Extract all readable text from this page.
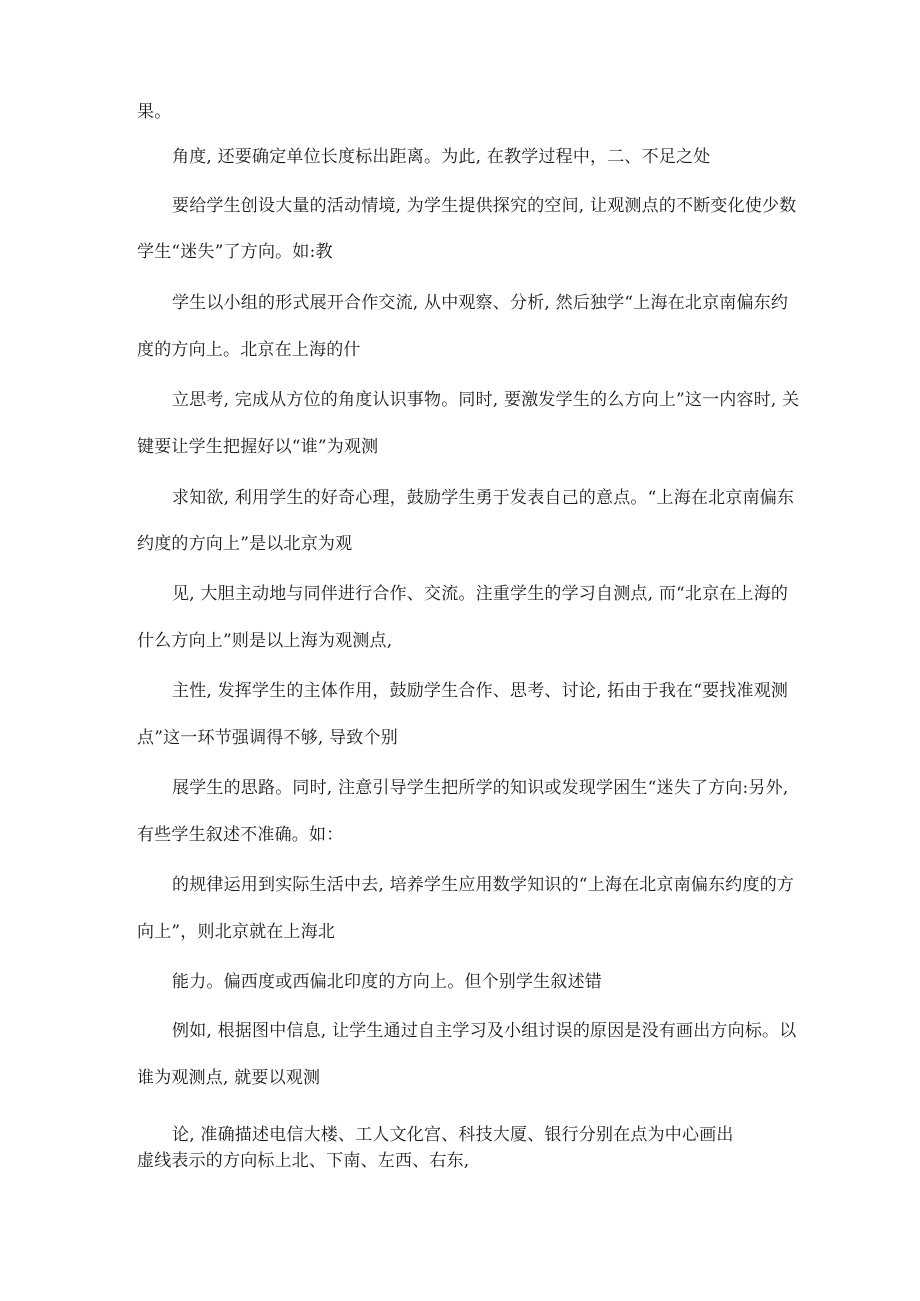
果。
角度, 还要确定单位长度标出距离。为此, 在教学过程中，二、不足之处
要给学生创设大量的活动情境, 为学生提供探究的空间, 让观测点的不断变化使少数
学生“迷失”了方向。如:教
学生以小组的形式展开合作交流, 从中观察、分析, 然后独学“上海在北京南偏东约
度的方向上。北京在上海的什
立思考, 完成从方位的角度认识事物。同时, 要激发学生的么方向上”这一内容时, 关
键要让学生把握好以“谁”为观测
求知欲, 利用学生的好奇心理，鼓励学生勇于发表自己的意点。“上海在北京南偏东
约度的方向上”是以北京为观
见, 大胆主动地与同伴进行合作、交流。注重学生的学习自测点, 而“北京在上海的
什么方向上”则是以上海为观测点,
主性, 发挥学生的主体作用，鼓励学生合作、思考、讨论, 拓由于我在“要找准观测
点”这一环节强调得不够, 导致个别
展学生的思路。同时, 注意引导学生把所学的知识或发现学困生“迷失了方向:另外,
有些学生叙述不准确。如：
的规律运用到实际生活中去, 培养学生应用数学知识的“上海在北京南偏东约度的方
向上”，则北京就在上海北
能力。偏西度或西偏北印度的方向上。但个别学生叙述错
例如, 根据图中信息, 让学生通过自主学习及小组讨误的原因是没有画出方向标。以
谁为观测点, 就要以观测
论, 准确描述电信大楼、工人文化宫、科技大厦、银行分别在点为中心画出
虚线表示的方向标上北、下南、左西、右东,
